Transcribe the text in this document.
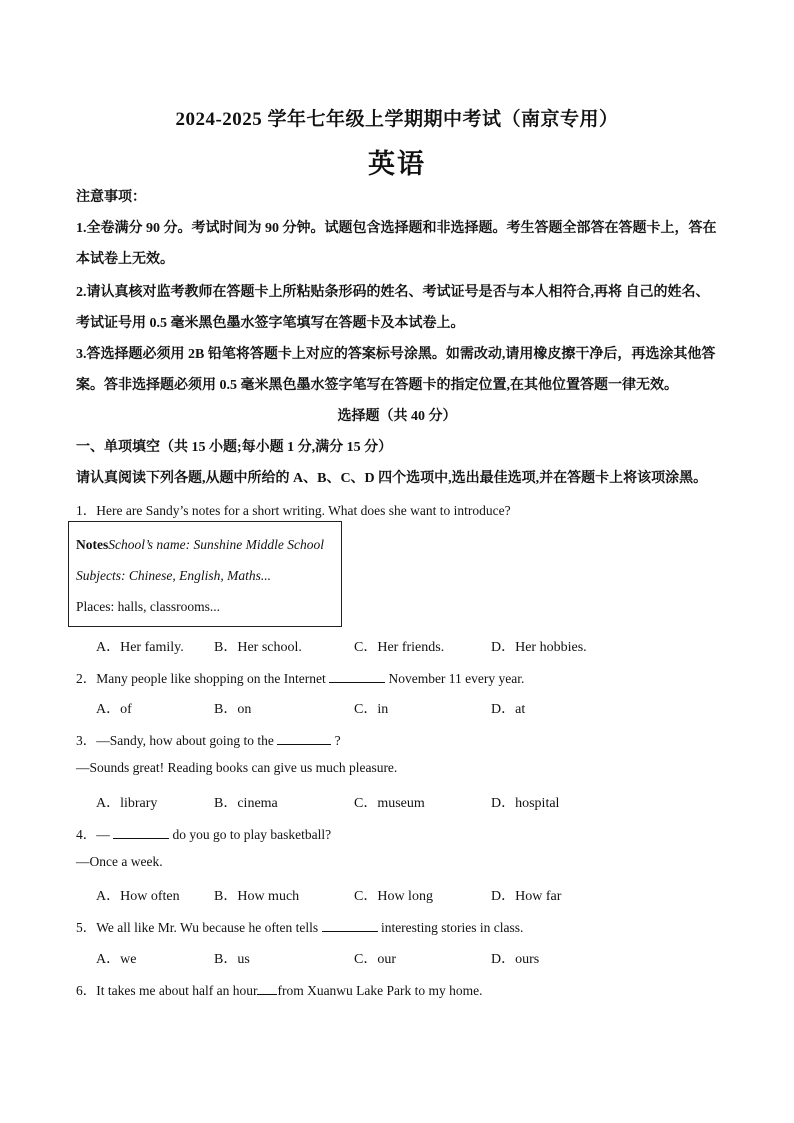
2024-2025 学年七年级上学期期中考试（南京专用）
英语
注意事项：
1.全卷满分 90 分。考试时间为 90 分钟。试题包含选择题和非选择题。考生答题全部答在答题卡上，答在
本试卷上无效。
2.请认真核对监考教师在答题卡上所粘贴条形码的姓名、考试证号是否与本人相符合,再将 自己的姓名、
考试证号用 0.5 毫米黑色墨水签字笔填写在答题卡及本试卷上。
3.答选择题必须用 2B 铅笔将答题卡上对应的答案标号涂黑。如需改动,请用橡皮擦干净后，再选涂其他答
案。答非选择题必须用 0.5 毫米黑色墨水签字笔写在答题卡的指定位置,在其他位置答题一律无效。
选择题（共 40 分）
一、单项填空（共 15 小题;每小题 1 分,满分 15 分）
请认真阅读下列各题,从题中所给的 A、B、C、D 四个选项中,选出最佳选项,并在答题卡上将该项涂黑。
1．Here are Sandy’s notes for a short writing. What does she want to introduce?
NotesSchool’s name: Sunshine Middle School
Subjects: Chinese, English, Maths...
Places: halls, classrooms...
A．Her family. B．Her school.	C．Her friends.	D．Her hobbies.
2．Many people like shopping on the Internet	November 11 every year.
A．of	B．on	C．in	D．at
3．—Sandy, how about going to the	?
—Sounds great! Reading books can give us much pleasure.
A．library	B．cinema	C．museum	D．hospital
4．—	do you go to play basketball?
—Once a week.
A．How often B．How much	C．How long	D．How far
5．We all like Mr. Wu because he often tells	interesting stories in class.
A．we	B．us	C．our	D．ours
6．It takes me about half an hour from Xuanwu Lake Park to my home.
